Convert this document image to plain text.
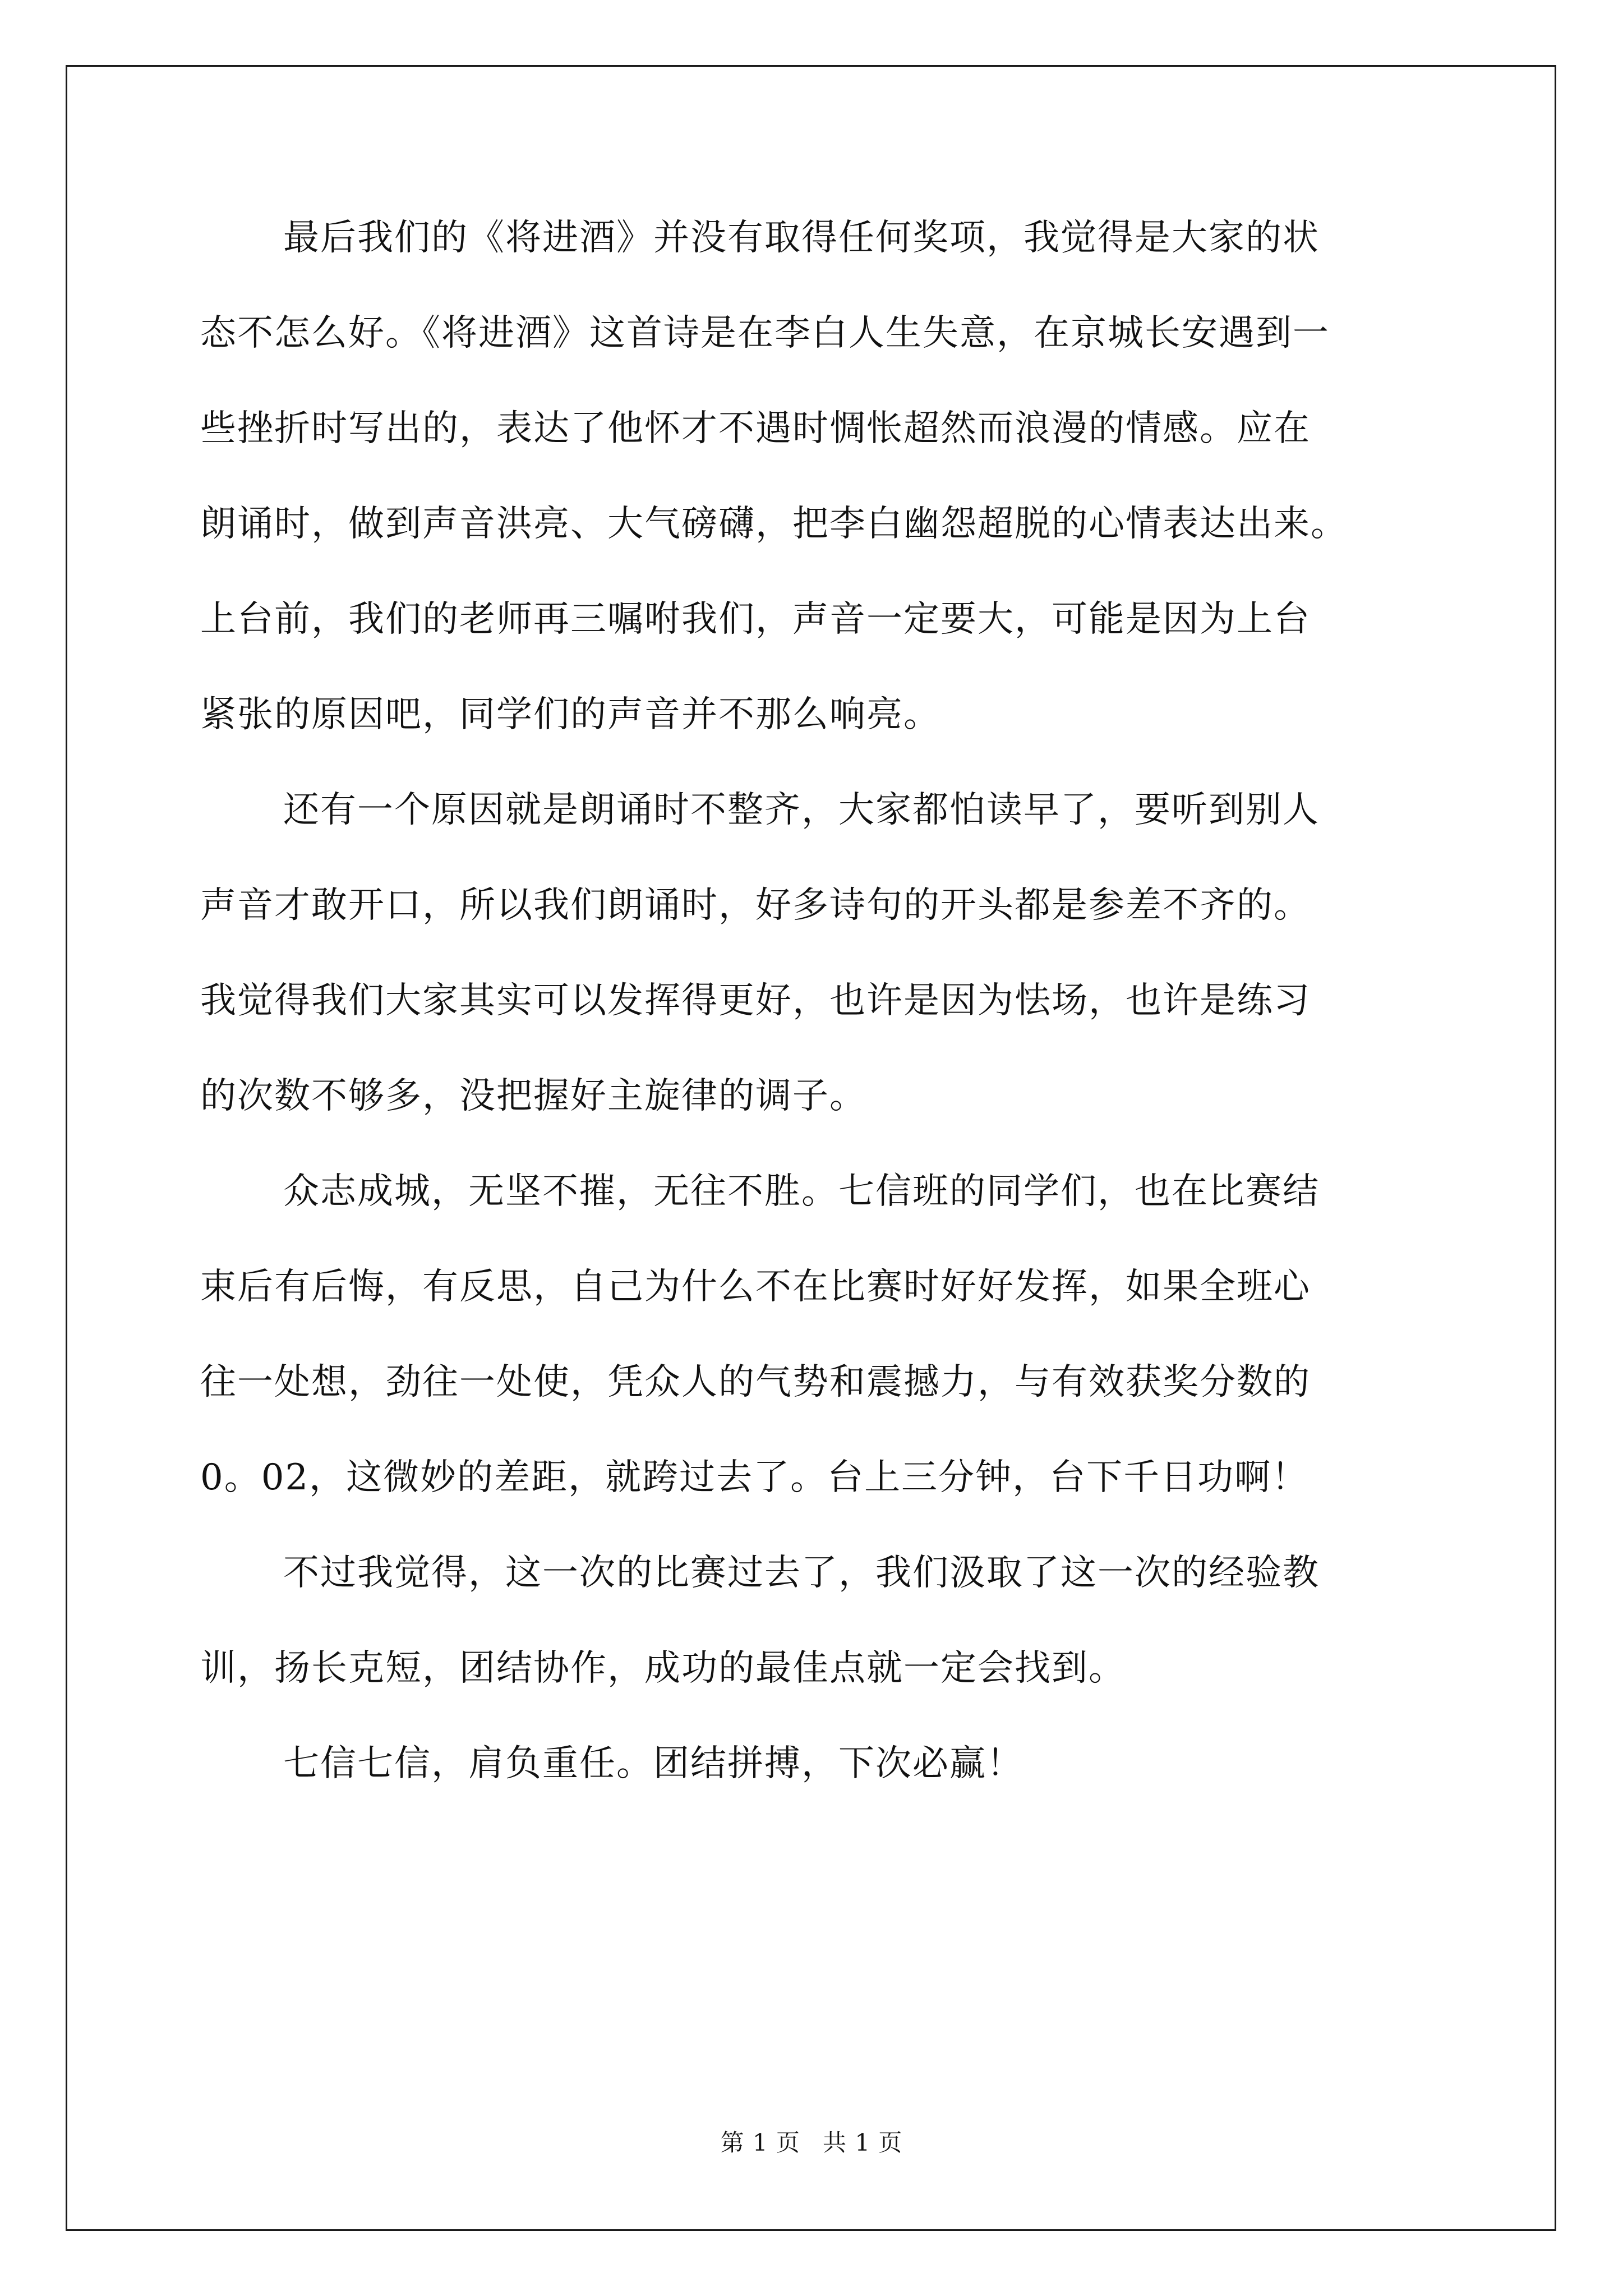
最后我们的《将进酒》并没有取得任何奖项，我觉得是大家的状
态不怎么好。《将进酒》这首诗是在李白人生失意，在京城长安遇到一
些挫折时写出的，表达了他怀才不遇时惆怅超然而浪漫的情感。应在
朗诵时，做到声音洪亮、大气磅礴，把李白幽怨超脱的心情表达出来。
上台前，我们的老师再三嘱咐我们，声音一定要大，可能是因为上台
紧张的原因吧，同学们的声音并不那么响亮。
还有一个原因就是朗诵时不整齐，大家都怕读早了，要听到别人
声音才敢开口，所以我们朗诵时，好多诗句的开头都是参差不齐的。
我觉得我们大家其实可以发挥得更好，也许是因为怯场，也许是练习
的次数不够多，没把握好主旋律的调子。
众志成城，无坚不摧，无往不胜。七信班的同学们，也在比赛结
束后有后悔，有反思，自己为什么不在比赛时好好发挥，如果全班心
往一处想，劲往一处使，凭众人的气势和震撼力，与有效获奖分数的
0。02，这微妙的差距，就跨过去了。台上三分钟，台下千日功啊！
不过我觉得，这一次的比赛过去了，我们汲取了这一次的经验教
训，扬长克短，团结协作，成功的最佳点就一定会找到。
七信七信，肩负重任。团结拼搏，下次必赢！
第 1 页 共 1 页
